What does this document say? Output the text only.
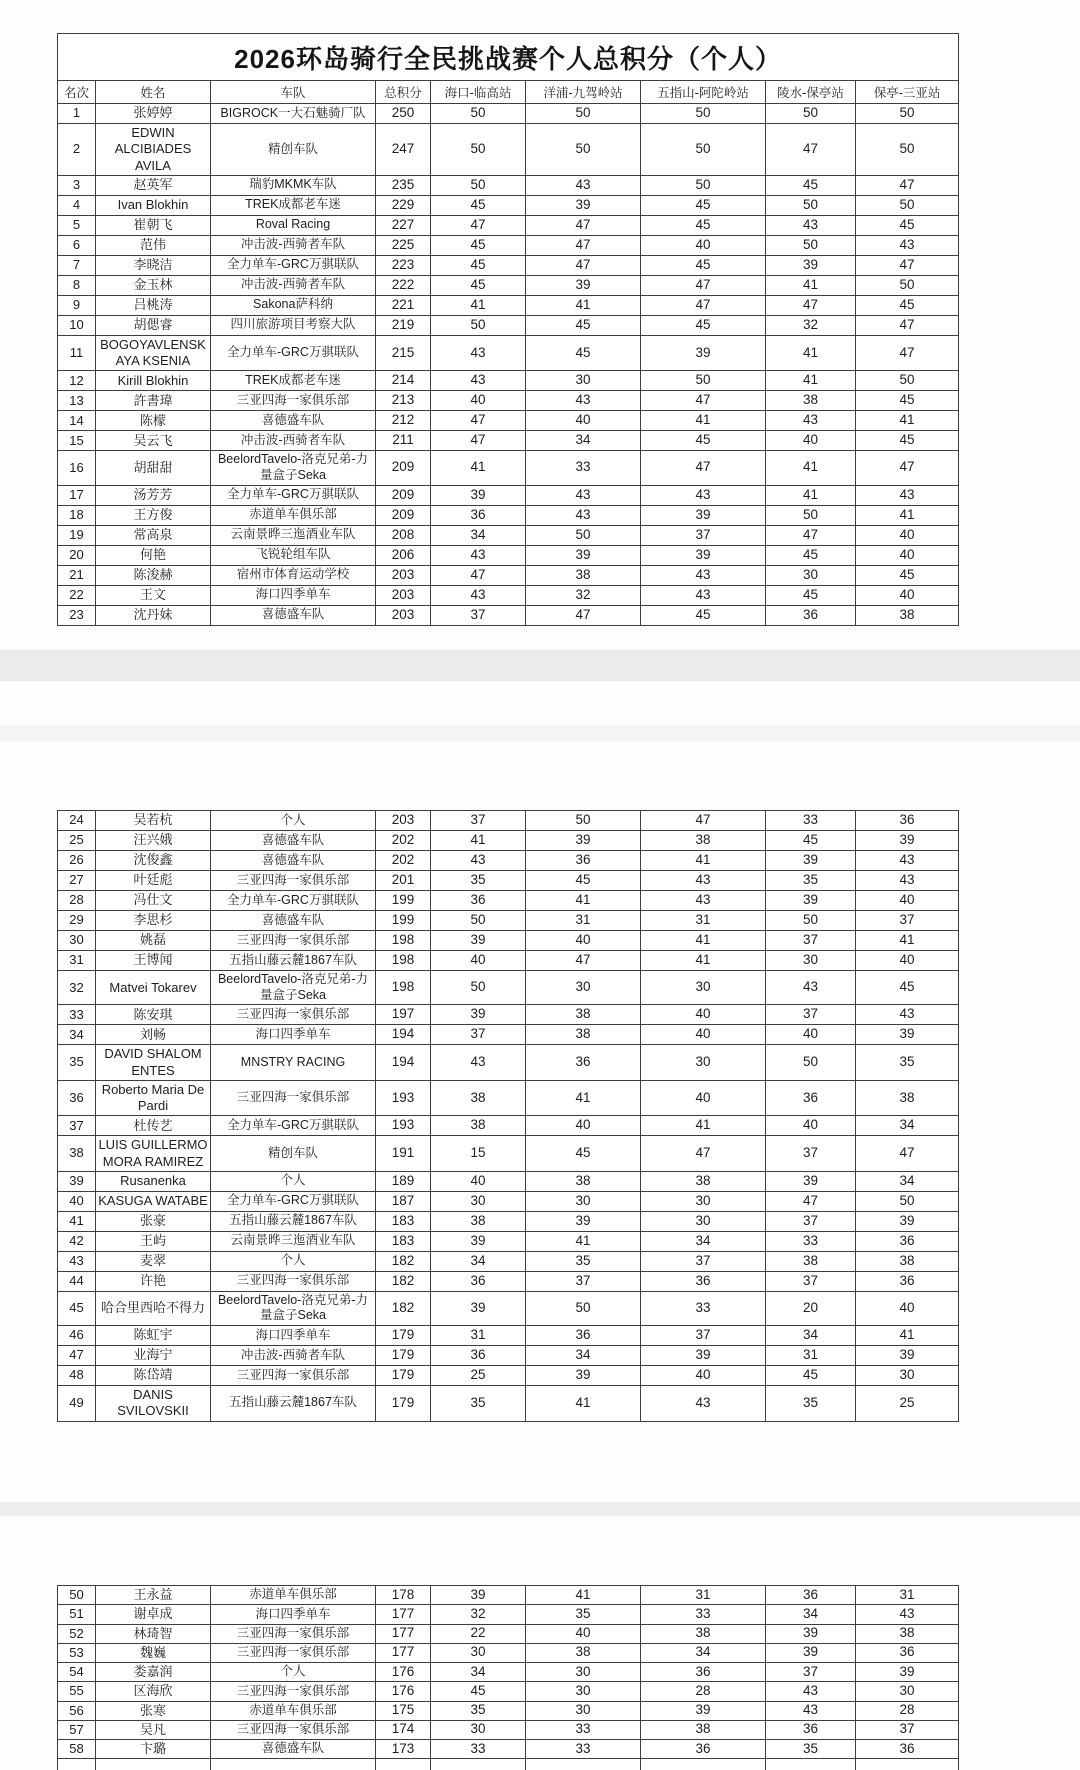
2026环岛骑行全民挑战赛个人总积分（个人）								
名次	姓名	车队	总积分	海口-临高站	洋浦-九驾岭站	五指山-阿陀岭站	陵水-保亭站	保亭-三亚站
1	张婷婷	BIGROCK一大石魅骑厂队	250	50	50	50	50	50
2	EDWIN ALCIBIADES AVILA	精创车队	247	50	50	50	47	50
3	赵英军	瑞豹MKMK车队	235	50	43	50	45	47
4	Ivan Blokhin	TREK成都老车迷	229	45	39	45	50	50
5	崔朝飞	Roval Racing	227	47	47	45	43	45
6	范伟	冲击波-西骑者车队	225	45	47	40	50	43
7	李晓洁	全力单车-GRC万骐联队	223	45	47	45	39	47
8	金玉林	冲击波-西骑者车队	222	45	39	47	41	50
9	吕桃涛	Sakona萨科纳	221	41	41	47	47	45
10	胡偲睿	四川旅游项目考察大队	219	50	45	45	32	47
11	BOGOYAVLENSKAYA KSENIA	全力单车-GRC万骐联队	215	43	45	39	41	47
12	Kirill Blokhin	TREK成都老车迷	214	43	30	50	41	50
13	許書瑋	三亚四海一家俱乐部	213	40	43	47	38	45
14	陈檬	喜德盛车队	212	47	40	41	43	41
15	吴云飞	冲击波-西骑者车队	211	47	34	45	40	45
16	胡甜甜	BeelordTavelo-洛克兄弟-力量盒子Seka	209	41	33	47	41	47
17	汤芳芳	全力单车-GRC万骐联队	209	39	43	43	41	43
18	王方俊	赤道单车俱乐部	209	36	43	39	50	41
19	常高泉	云南景晔三迤酒业车队	208	34	50	37	47	40
20	何艳	飞锐轮组车队	206	43	39	39	45	40
21	陈浚赫	宿州市体育运动学校	203	47	38	43	30	45
22	王文	海口四季单车	203	43	32	43	45	40
23	沈丹妹	喜德盛车队	203	37	47	45	36	38
24	吴若杭	个人	203	37	50	47	33	36
25	汪兴娥	喜德盛车队	202	41	39	38	45	39
26	沈俊鑫	喜德盛车队	202	43	36	41	39	43
27	叶廷彪	三亚四海一家俱乐部	201	35	45	43	35	43
28	冯仕文	全力单车-GRC万骐联队	199	36	41	43	39	40
29	李思杉	喜德盛车队	199	50	31	31	50	37
30	姚磊	三亚四海一家俱乐部	198	39	40	41	37	41
31	王博闻	五指山藤云麓1867车队	198	40	47	41	30	40
32	Matvei Tokarev	BeelordTavelo-洛克兄弟-力量盒子Seka	198	50	30	30	43	45
33	陈安琪	三亚四海一家俱乐部	197	39	38	40	37	43
34	刘畅	海口四季单车	194	37	38	40	40	39
35	DAVID SHALOM ENTES	MNSTRY RACING	194	43	36	30	50	35
36	Roberto Maria De Pardi	三亚四海一家俱乐部	193	38	41	40	36	38
37	杜传艺	全力单车-GRC万骐联队	193	38	40	41	40	34
38	LUIS GUILLERMO MORA RAMIREZ	精创车队	191	15	45	47	37	47
39	Rusanenka	个人	189	40	38	38	39	34
40	KASUGA WATABE	全力单车-GRC万骐联队	187	30	30	30	47	50
41	张豪	五指山藤云麓1867车队	183	38	39	30	37	39
42	王屿	云南景晔三迤酒业车队	183	39	41	34	33	36
43	麦翠	个人	182	34	35	37	38	38
44	许艳	三亚四海一家俱乐部	182	36	37	36	37	36
45	哈合里西哈不得力	BeelordTavelo-洛克兄弟-力量盒子Seka	182	39	50	33	20	40
46	陈虹宇	海口四季单车	179	31	36	37	34	41
47	业海宁	冲击波-西骑者车队	179	36	34	39	31	39
48	陈岱靖	三亚四海一家俱乐部	179	25	39	40	45	30
49	DANIS SVILOVSKII	五指山藤云麓1867车队	179	35	41	43	35	25
50	王永益	赤道单车俱乐部	178	39	41	31	36	31
51	谢卓成	海口四季单车	177	32	35	33	34	43
52	林琦智	三亚四海一家俱乐部	177	22	40	38	39	38
53	魏巍	三亚四海一家俱乐部	177	30	38	34	39	36
54	娄嘉润	个人	176	34	30	36	37	39
55	区海欣	三亚四海一家俱乐部	176	45	30	28	43	30
56	张寒	赤道单车俱乐部	175	35	30	39	43	28
57	吴凡	三亚四海一家俱乐部	174	30	33	38	36	37
58	卞璐	喜德盛车队	173	33	33	36	35	36
